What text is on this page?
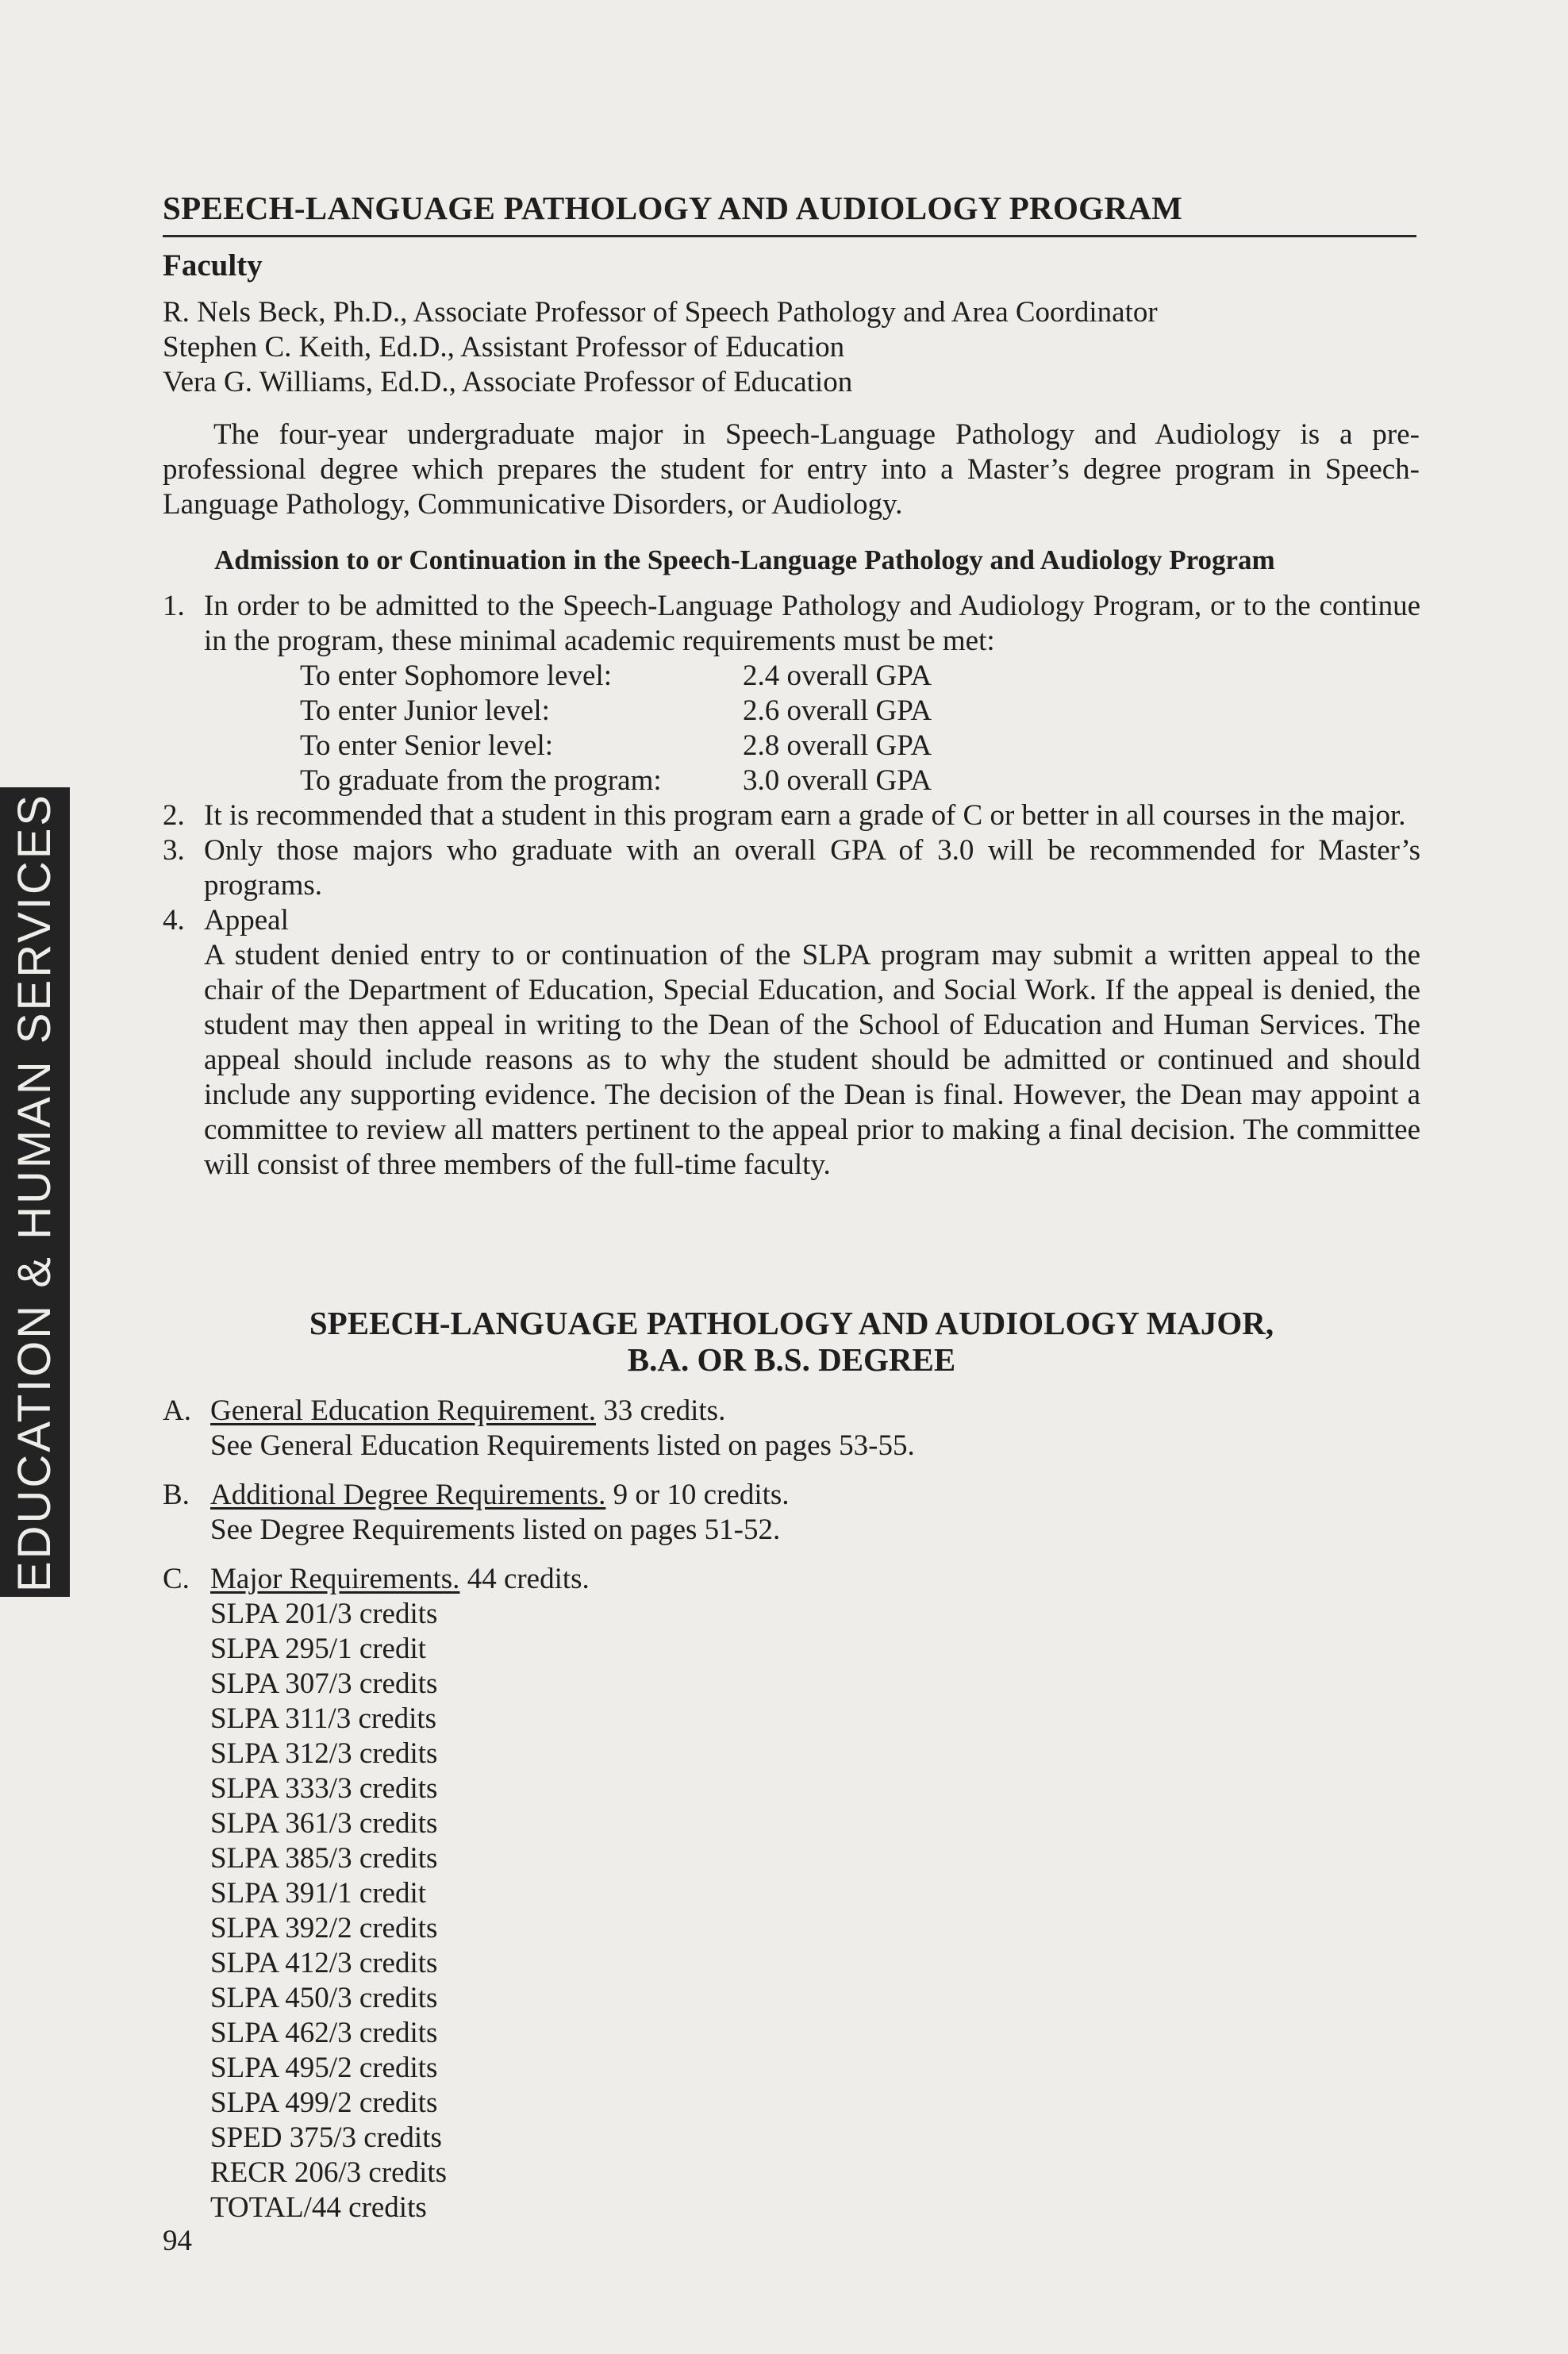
EDUCATION & HUMAN SERVICES
SPEECH-LANGUAGE PATHOLOGY AND AUDIOLOGY PROGRAM
Faculty
R. Nels Beck, Ph.D., Associate Professor of Speech Pathology and Area Coordinator
Stephen C. Keith, Ed.D., Assistant Professor of Education
Vera G. Williams, Ed.D., Associate Professor of Education
The four-year undergraduate major in Speech-Language Pathology and Audiology is a pre-professional degree which prepares the student for entry into a Master’s degree program in Speech-Language Pathology, Communicative Disorders, or Audiology.
Admission to or Continuation in the Speech-Language Pathology and Audiology Program
1. In order to be admitted to the Speech-Language Pathology and Audiology Program, or to the continue in the program, these minimal academic requirements must be met:
To enter Sophomore level:	2.4 overall GPA
To enter Junior level:	2.6 overall GPA
To enter Senior level:	2.8 overall GPA
To graduate from the program:	3.0 overall GPA
2. It is recommended that a student in this program earn a grade of C or better in all courses in the major.
3. Only those majors who graduate with an overall GPA of 3.0 will be recommended for Master’s programs.
4. Appeal
A student denied entry to or continuation of the SLPA program may submit a written appeal to the chair of the Department of Education, Special Education, and Social Work. If the appeal is denied, the student may then appeal in writing to the Dean of the School of Education and Human Services. The appeal should include reasons as to why the student should be admitted or continued and should include any supporting evidence. The decision of the Dean is final. However, the Dean may appoint a committee to review all matters pertinent to the appeal prior to making a final decision. The committee will consist of three members of the full-time faculty.
SPEECH-LANGUAGE PATHOLOGY AND AUDIOLOGY MAJOR,
B.A. OR B.S. DEGREE
A. General Education Requirement. 33 credits.
See General Education Requirements listed on pages 53-55.
B. Additional Degree Requirements. 9 or 10 credits.
See Degree Requirements listed on pages 51-52.
C. Major Requirements. 44 credits.
SLPA 201/3 credits
SLPA 295/1 credit
SLPA 307/3 credits
SLPA 311/3 credits
SLPA 312/3 credits
SLPA 333/3 credits
SLPA 361/3 credits
SLPA 385/3 credits
SLPA 391/1 credit
SLPA 392/2 credits
SLPA 412/3 credits
SLPA 450/3 credits
SLPA 462/3 credits
SLPA 495/2 credits
SLPA 499/2 credits
SPED 375/3 credits
RECR 206/3 credits
TOTAL/44 credits
94
